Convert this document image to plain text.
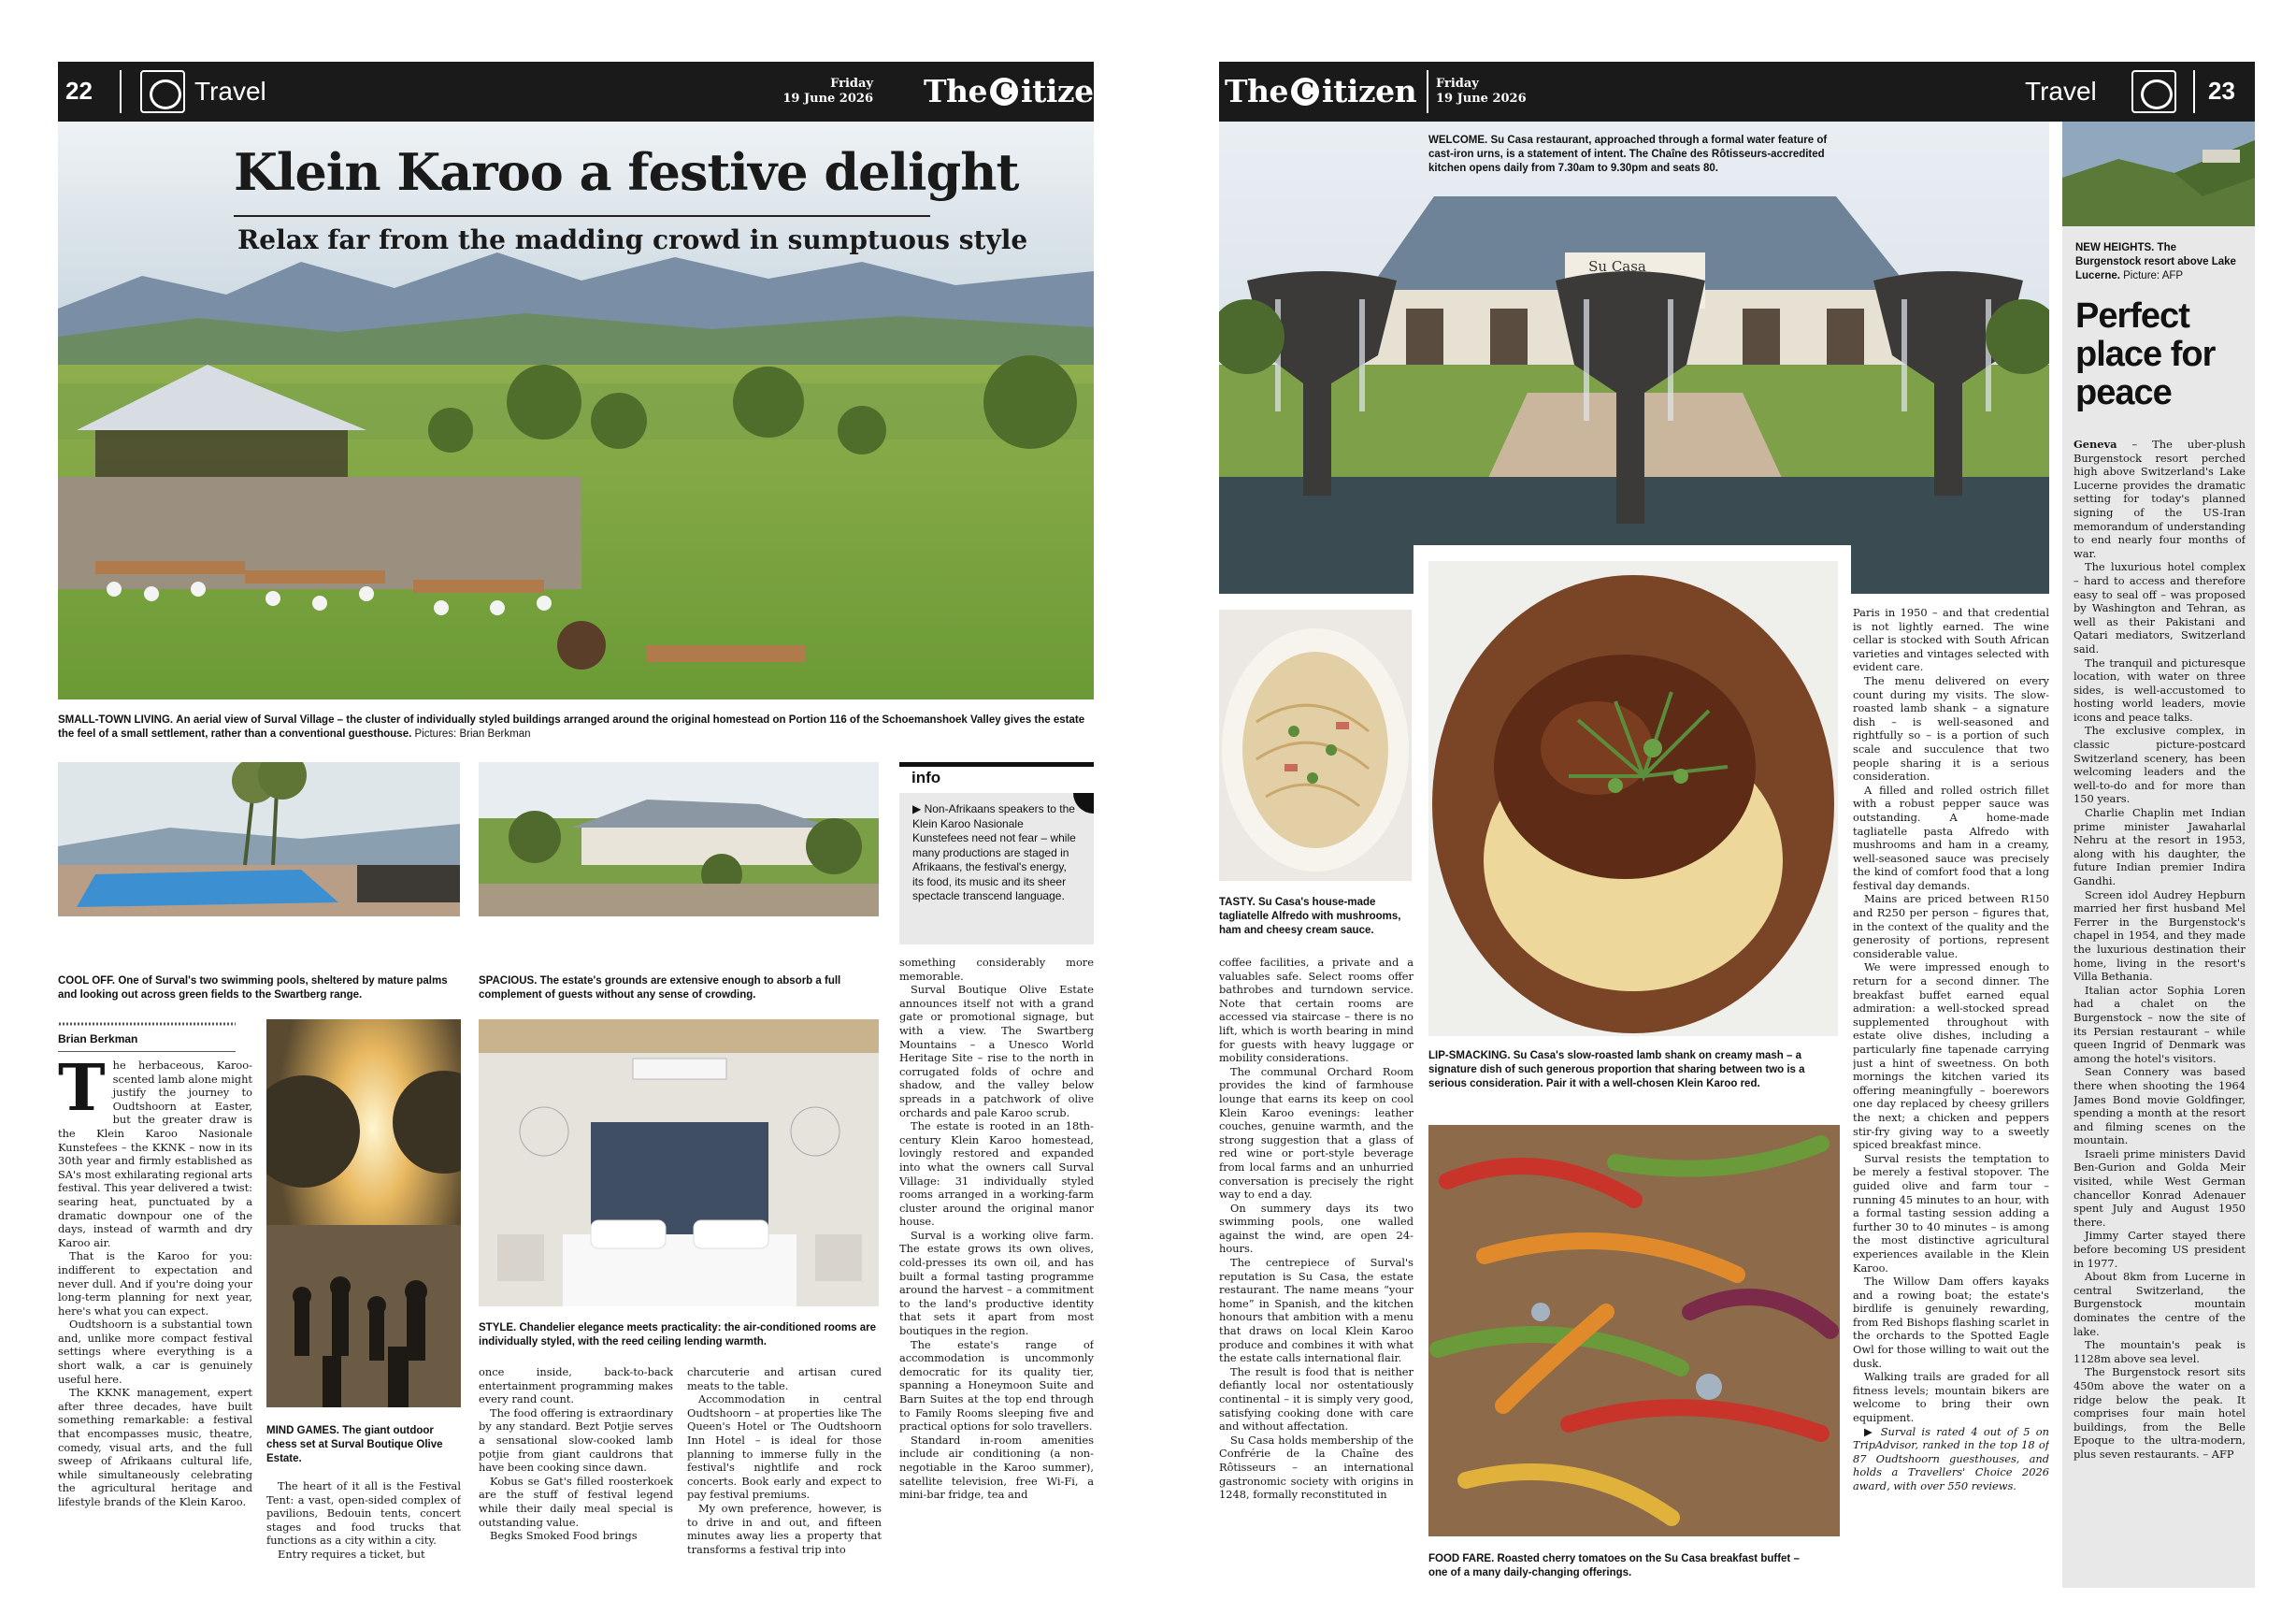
22	Travel	Friday
19 June 2026 The C itizen
Klein Karoo a festive delight
Relax far from the madding crowd in sumptuous style
SMALL-TOWN LIVING. An aerial view of Surval Village – the cluster of individually styled buildings arranged around the original homestead on Portion 116 of the Schoemanshoek Valley gives the estate the feel of a small settlement, rather than a conventional guesthouse. Pictures: Brian Berkman
COOL OFF. One of Surval's two swimming pools, sheltered by mature palms and looking out across green fields to the Swartberg range.
SPACIOUS. The estate's grounds are extensive enough to absorb a full complement of guests without any sense of crowding.
info
▶ Non-Afrikaans speakers to the Klein Karoo Nasionale Kunstefees need not fear – while many productions are staged in Afrikaans, the festival's energy, its food, its music and its sheer spectacle transcend language.
Brian Berkman
T he herbaceous, Karoo-scented lamb alone might justify the journey to Oudtshoorn at Easter, but the greater draw is the Klein Karoo Nasionale Kunstefees – the KKNK – now in its 30th year and firmly established as SA's most exhilarating regional arts festival. This year delivered a twist: searing heat, punctuated by a dramatic downpour one of the days, instead of warmth and dry Karoo air.

That is the Karoo for you: indifferent to expectation and never dull. And if you're doing your long-term planning for next year, here's what you can expect.

Oudtshoorn is a substantial town and, unlike more compact festival settings where everything is a short walk, a car is genuinely useful here.

The KKNK management, expert after three decades, have built something remarkable: a festival that encompasses music, theatre, comedy, visual arts, and the full sweep of Afrikaans cultural life, while simultaneously celebrating the agricultural heritage and lifestyle brands of the Klein Karoo.

MIND GAMES. The giant outdoor chess set at Surval Boutique Olive Estate.

The heart of it all is the Festival Tent: a vast, open-sided complex of pavilions, Bedouin tents, concert stages and food trucks that functions as a city within a city.

Entry requires a ticket, but

STYLE. Chandelier elegance meets practicality: the air-conditioned rooms are individually styled, with the reed ceiling lending warmth.

once inside, back-to-back entertainment programming makes every rand count.

The food offering is extraordinary by any standard. Bezt Potjie serves a sensational slow-cooked lamb potjie from giant cauldrons that have been cooking since dawn.

Kobus se Gat's filled roosterkoek are the stuff of festival legend while their daily meal special is outstanding value.

Begks Smoked Food brings

charcuterie and artisan cured meats to the table.

Accommodation in central Oudtshoorn – at properties like The Queen's Hotel or The Oudtshoorn Inn Hotel – is ideal for those planning to immerse fully in the festival's nightlife and rock concerts. Book early and expect to pay festival premiums.

My own preference, however, is to drive in and out, and fifteen minutes away lies a property that transforms a festival trip into

something considerably more memorable.

Surval Boutique Olive Estate announces itself not with a grand gate or promotional signage, but with a view. The Swartberg Mountains – a Unesco World Heritage Site – rise to the north in corrugated folds of ochre and shadow, and the valley below spreads in a patchwork of olive orchards and pale Karoo scrub.

The estate is rooted in an 18th-century Klein Karoo homestead, lovingly restored and expanded into what the owners call Surval Village: 31 individually styled rooms arranged in a working-farm cluster around the original manor house.

Surval is a working olive farm. The estate grows its own olives, cold-presses its own oil, and has built a formal tasting programme around the harvest – a commitment to the land's productive identity that sets it apart from most boutiques in the region.

The estate's range of accommodation is uncommonly democratic for its quality tier, spanning a Honeymoon Suite and Barn Suites at the top end through to Family Rooms sleeping five and practical options for solo travellers.

Standard in-room amenities include air conditioning (a non-negotiable in the Karoo summer), satellite television, free Wi-Fi, a mini-bar fridge, tea and

The C itizen Friday
19 June 2026	Travel	23
Su Casa
WELCOME. Su Casa restaurant, approached through a formal water feature of cast-iron urns, is a statement of intent. The Chaîne des Rôtisseurs-accredited kitchen opens daily from 7.30am to 9.30pm and seats 80.
TASTY. Su Casa's house-made tagliatelle Alfredo with mushrooms, ham and cheesy cream sauce.
LIP-SMACKING. Su Casa's slow-roasted lamb shank on creamy mash – a signature dish of such generous proportion that sharing between two is a serious consideration. Pair it with a well-chosen Klein Karoo red.
FOOD FARE. Roasted cherry tomatoes on the Su Casa breakfast buffet – one of a many daily-changing offerings.

coffee facilities, a private and a valuables safe. Select rooms offer bathrobes and turndown service. Note that certain rooms are accessed via staircase – there is no lift, which is worth bearing in mind for guests with heavy luggage or mobility considerations.

The communal Orchard Room provides the kind of farmhouse lounge that earns its keep on cool Klein Karoo evenings: leather couches, genuine warmth, and the strong suggestion that a glass of red wine or port-style beverage from local farms and an unhurried conversation is precisely the right way to end a day.

On summery days its two swimming pools, one walled against the wind, are open 24-hours.

The centrepiece of Surval's reputation is Su Casa, the estate restaurant. The name means “your home” in Spanish, and the kitchen honours that ambition with a menu that draws on local Klein Karoo produce and combines it with what the estate calls international flair.

The result is food that is neither defiantly local nor ostentatiously continental – it is simply very good, satisfying cooking done with care and without affectation.

Su Casa holds membership of the Confrérie de la Chaîne des Rôtisseurs – an international gastronomic society with origins in 1248, formally reconstituted in

Paris in 1950 – and that credential is not lightly earned. The wine cellar is stocked with South African varieties and vintages selected with evident care.

The menu delivered on every count during my visits. The slow-roasted lamb shank – a signature dish – is well-seasoned and rightfully so – is a portion of such scale and succulence that two people sharing it is a serious consideration.

A filled and rolled ostrich fillet with a robust pepper sauce was outstanding. A home-made tagliatelle pasta Alfredo with mushrooms and ham in a creamy, well-seasoned sauce was precisely the kind of comfort food that a long festival day demands.

Mains are priced between R150 and R250 per person – figures that, in the context of the quality and the generosity of portions, represent considerable value.

We were impressed enough to return for a second dinner. The breakfast buffet earned equal admiration: a well-stocked spread supplemented throughout with estate olive dishes, including a particularly fine tapenade carrying just a hint of sweetness. On both mornings the kitchen varied its offering meaningfully – boerewors one day replaced by cheesy grillers the next; a chicken and peppers stir-fry giving way to a sweetly spiced breakfast mince.

Surval resists the temptation to be merely a festival stopover. The guided olive and farm tour – running 45 minutes to an hour, with a formal tasting session adding a further 30 to 40 minutes – is among the most distinctive agricultural experiences available in the Klein Karoo.

The Willow Dam offers kayaks and a rowing boat; the estate's birdlife is genuinely rewarding, from Red Bishops flashing scarlet in the orchards to the Spotted Eagle Owl for those willing to wait out the dusk.

Walking trails are graded for all fitness levels; mountain bikers are welcome to bring their own equipment.

▶ Surval is rated 4 out of 5 on TripAdvisor, ranked in the top 18 of 87 Oudtshoorn guesthouses, and holds a Travellers' Choice 2026 award, with over 550 reviews.

NEW HEIGHTS. The Burgenstock resort above Lake Lucerne. Picture: AFP
Perfect place for peace

Geneva – The uber-plush Burgenstock resort perched high above Switzerland's Lake Lucerne provides the dramatic setting for today's planned signing of the US-Iran memorandum of understanding to end nearly four months of war.

The luxurious hotel complex – hard to access and therefore easy to seal off – was proposed by Washington and Tehran, as well as their Pakistani and Qatari mediators, Switzerland said.

The tranquil and picturesque location, with water on three sides, is well-accustomed to hosting world leaders, movie icons and peace talks.

The exclusive complex, in classic picture-postcard Switzerland scenery, has been welcoming leaders and the well-to-do and for more than 150 years.

Charlie Chaplin met Indian prime minister Jawaharlal Nehru at the resort in 1953, along with his daughter, the future Indian premier Indira Gandhi.

Screen idol Audrey Hepburn married her first husband Mel Ferrer in the Burgenstock's chapel in 1954, and they made the luxurious destination their home, living in the resort's Villa Bethania.

Italian actor Sophia Loren had a chalet on the Burgenstock – now the site of its Persian restaurant – while queen Ingrid of Denmark was among the hotel's visitors.

Sean Connery was based there when shooting the 1964 James Bond movie Goldfinger, spending a month at the resort and filming scenes on the mountain.

Israeli prime ministers David Ben-Gurion and Golda Meir visited, while West German chancellor Konrad Adenauer spent July and August 1950 there.

Jimmy Carter stayed there before becoming US president in 1977.

About 8km from Lucerne in central Switzerland, the Burgenstock mountain dominates the centre of the lake.

The mountain's peak is 1128m above sea level.

The Burgenstock resort sits 450m above the water on a ridge below the peak. It comprises four main hotel buildings, from the Belle Epoque to the ultra-modern, plus seven restaurants. – AFP
